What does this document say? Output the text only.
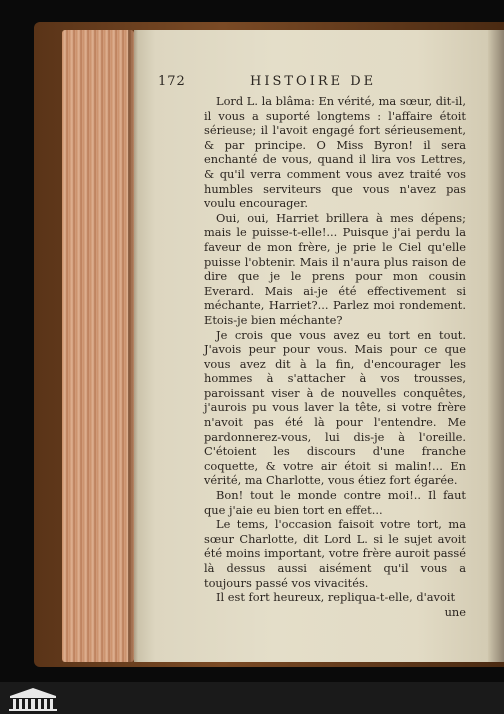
172	HISTOIRE DE

Lord L. la blâma: En vérité, ma sœur, dit-il, il vous a suporté longtems : l'affaire étoit sérieuse; il l'avoit engagé fort sérieusement, & par principe. O Miss Byron! il sera enchanté de vous, quand il lira vos Lettres, & qu'il verra comment vous avez traité vos humbles serviteurs que vous n'avez pas voulu encourager.

Oui, oui, Harriet brillera à mes dépens; mais le puisse-t-elle!... Puisque j'ai perdu la faveur de mon frère, je prie le Ciel qu'elle puisse l'obtenir. Mais il n'aura plus raison de dire que je le prens pour mon cousin Everard. Mais ai-je été effectivement si méchante, Harriet?... Parlez moi rondement. Etois-je bien méchante?

Je crois que vous avez eu tort en tout. J'avois peur pour vous. Mais pour ce que vous avez dit à la fin, d'encourager les hommes à s'attacher à vos trousses, paroissant viser à de nouvelles conquêtes, j'aurois pu vous laver la tête, si votre frère n'avoit pas été là pour l'entendre. Me pardonnerez-vous, lui dis-je à l'oreille. C'étoient les discours d'une franche coquette, & votre air étoit si malin!... En vérité, ma Charlotte, vous étiez fort égarée.

Bon! tout le monde contre moi!.. Il faut que j'aie eu bien tort en effet...

Le tems, l'occasion faisoit votre tort, ma sœur Charlotte, dit Lord L. si le sujet avoit été moins important, votre frère auroit passé là dessus aussi aisément qu'il vous a toujours passé vos vivacités.

Il est fort heureux, repliqua-t-elle, d'avoit

une
